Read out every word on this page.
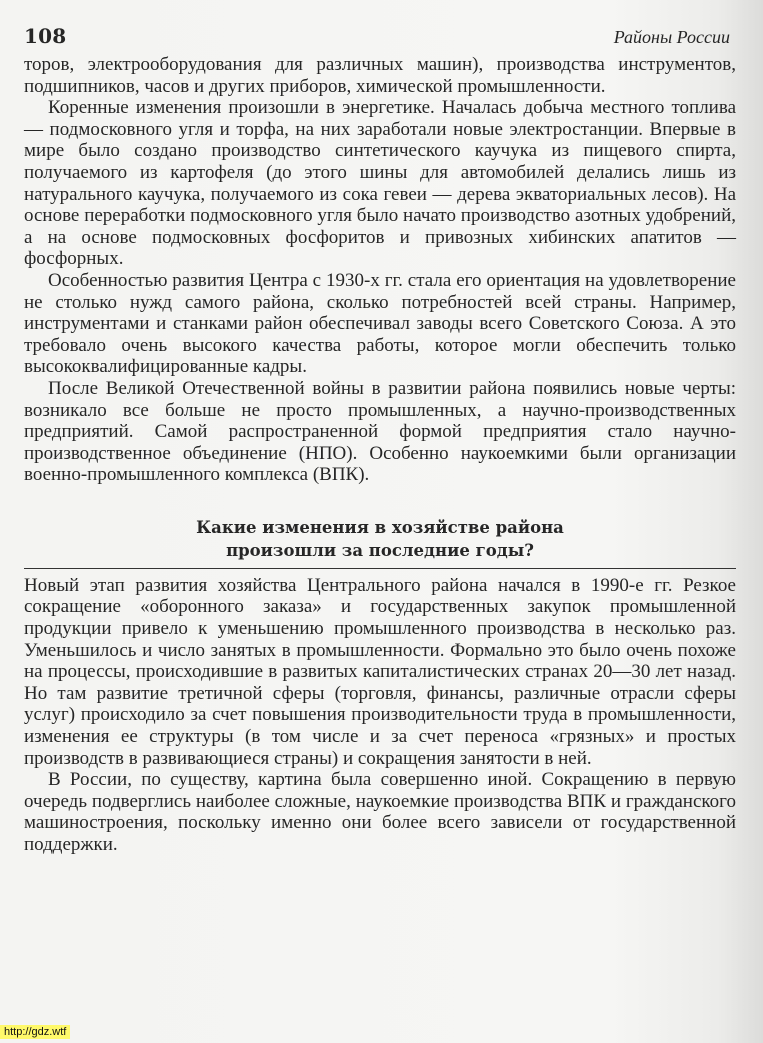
108	Районы России

торов, электрооборудования для различных машин), производства инструментов, подшипников, часов и других приборов, химической промышленности.

Коренные изменения произошли в энергетике. Началась добыча местного топлива — подмосковного угля и торфа, на них заработали новые электростанции. Впервые в мире было создано производство синтетического каучука из пищевого спирта, получаемого из картофеля (до этого шины для автомобилей делались лишь из натурального каучука, получаемого из сока гевеи — дерева экваториальных лесов). На основе переработки подмосковного угля было начато производство азотных удобрений, а на основе подмосковных фосфоритов и привозных хибинских апатитов — фосфорных.

Особенностью развития Центра с 1930-х гг. стала его ориентация на удовлетворение не столько нужд самого района, сколько потребностей всей страны. Например, инструментами и станками район обеспечивал заводы всего Советского Союза. А это требовало очень высокого качества работы, которое могли обеспечить только высококвалифицированные кадры.

После Великой Отечественной войны в развитии района появились новые черты: возникало все больше не просто промышленных, а научно-производственных предприятий. Самой распространенной формой предприятия стало научно-производственное объединение (НПО). Особенно наукоемкими были организации военно-промышленного комплекса (ВПК).

Какие изменения в хозяйстве района
произошли за последние годы?

Новый этап развития хозяйства Центрального района начался в 1990-е гг. Резкое сокращение «оборонного заказа» и государственных закупок промышленной продукции привело к уменьшению промышленного производства в несколько раз. Уменьшилось и число занятых в промышленности. Формально это было очень похоже на процессы, происходившие в развитых капиталистических странах 20—30 лет назад. Но там развитие третичной сферы (торговля, финансы, различные отрасли сферы услуг) происходило за счет повышения производительности труда в промышленности, изменения ее структуры (в том числе и за счет переноса «грязных» и простых производств в развивающиеся страны) и сокращения занятости в ней.

В России, по существу, картина была совершенно иной. Сокращению в первую очередь подверглись наиболее сложные, наукоемкие производства ВПК и гражданского машиностроения, поскольку именно они более всего зависели от государственной поддержки.

http://gdz.wtf
